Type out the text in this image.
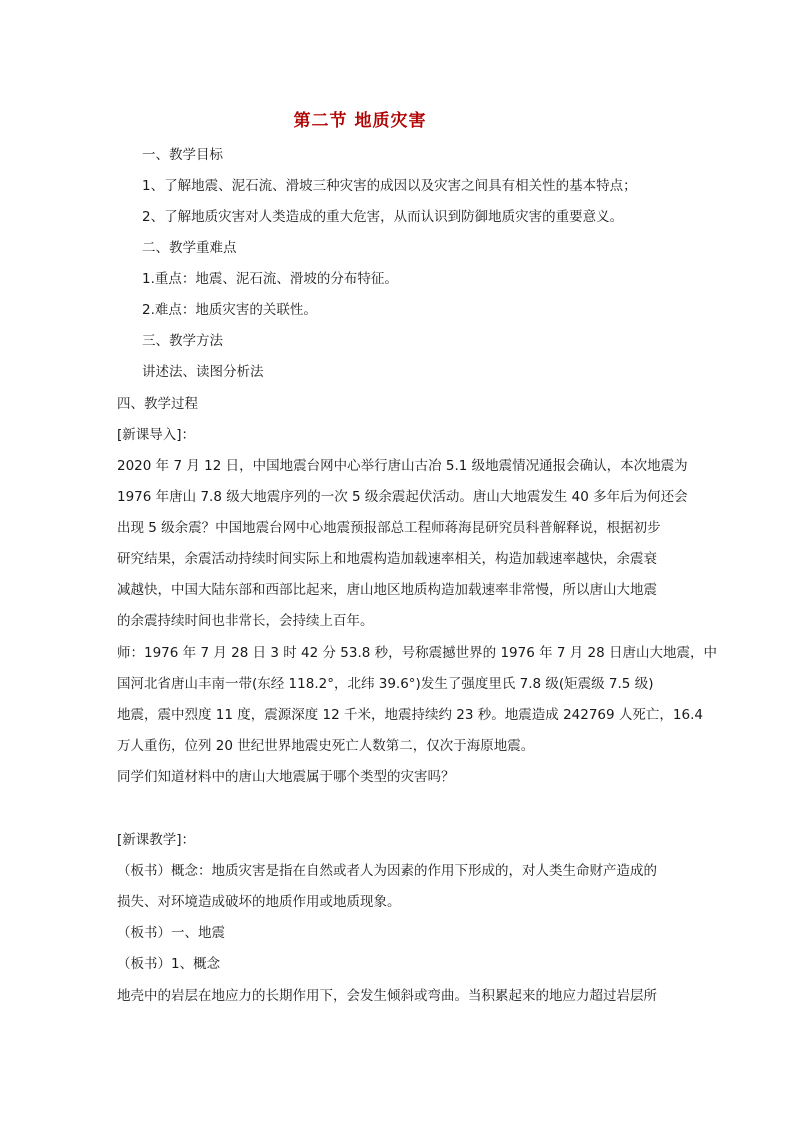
第二节 地质灾害
一、教学目标
1、了解地震、泥石流、滑坡三种灾害的成因以及灾害之间具有相关性的基本特点；
2、了解地质灾害对人类造成的重大危害，从而认识到防御地质灾害的重要意义。
二、教学重难点
1.重点：地震、泥石流、滑坡的分布特征。
2.难点：地质灾害的关联性。
三、教学方法
讲述法、读图分析法
四、教学过程
[新课导入]：
2020 年 7 月 12 日，中国地震台网中心举行唐山古冶 5.1 级地震情况通报会确认，本次地震为
1976 年唐山 7.8 级大地震序列的一次 5 级余震起伏活动。唐山大地震发生 40 多年后为何还会
出现 5 级余震？中国地震台网中心地震预报部总工程师蒋海昆研究员科普解释说，根据初步
研究结果，余震活动持续时间实际上和地震构造加载速率相关，构造加载速率越快，余震衰
减越快，中国大陆东部和西部比起来，唐山地区地质构造加载速率非常慢，所以唐山大地震
的余震持续时间也非常长，会持续上百年。
师：1976 年 7 月 28 日 3 时 42 分 53.8 秒，号称震撼世界的 1976 年 7 月 28 日唐山大地震，中
国河北省唐山丰南一带(东经 118.2°，北纬 39.6°)发生了强度里氏 7.8 级(矩震级 7.5 级)
地震，震中烈度 11 度，震源深度 12 千米，地震持续约 23 秒。地震造成 242769 人死亡，16.4
万人重伤，位列 20 世纪世界地震史死亡人数第二，仅次于海原地震。
同学们知道材料中的唐山大地震属于哪个类型的灾害吗？
[新课教学]：
（板书）概念：地质灾害是指在自然或者人为因素的作用下形成的，对人类生命财产造成的
损失、对环境造成破坏的地质作用或地质现象。
（板书）一、地震
（板书）1、概念
地壳中的岩层在地应力的长期作用下，会发生倾斜或弯曲。当积累起来的地应力超过岩层所
